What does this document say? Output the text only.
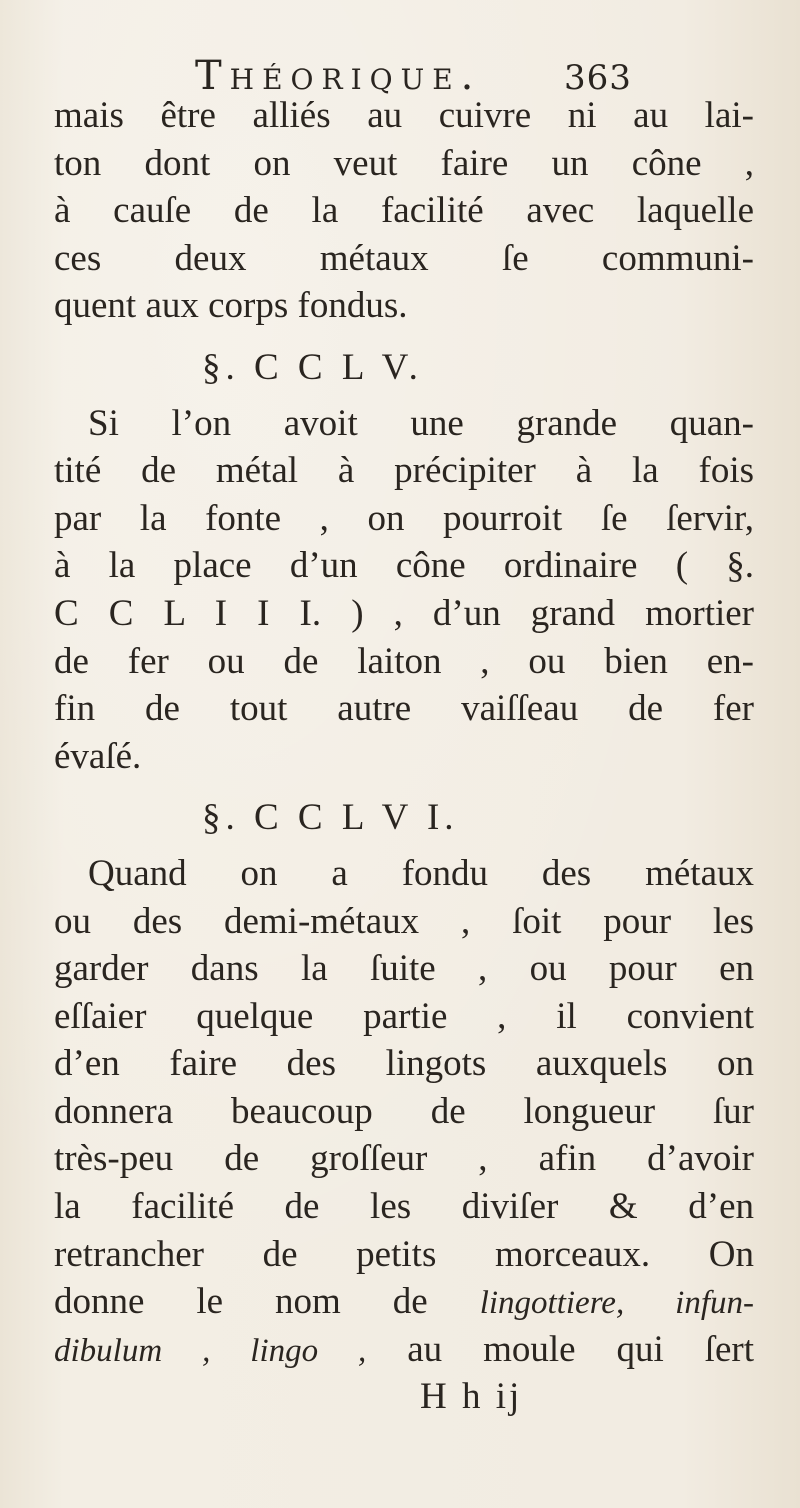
Théorique. 363
mais être alliés au cuivre ni au lai-
ton dont on veut faire un cône ,
à cauſe de la facilité avec laquelle
ces deux métaux ſe communi-
quent aux corps fondus.
§. C C L V.
Si l’on avoit une grande quan-
tité de métal à précipiter à la fois
par la fonte , on pourroit ſe ſervir,
à la place d’un cône ordinaire ( §.
C C L I I I. ) , d’un grand mortier
de fer ou de laiton , ou bien en-
fin de tout autre vaiſſeau de fer
évaſé.
§. C C L V I.
Quand on a fondu des métaux
ou des demi-métaux , ſoit pour les
garder dans la ſuite , ou pour en
eſſaier quelque partie , il convient
d’en faire des lingots auxquels on
donnera beaucoup de longueur ſur
très-peu de groſſeur , afin d’avoir
la facilité de les diviſer & d’en
retrancher de petits morceaux. On
donne le nom de lingottiere, infun-
dibulum , lingo , au moule qui ſert
H h ij
